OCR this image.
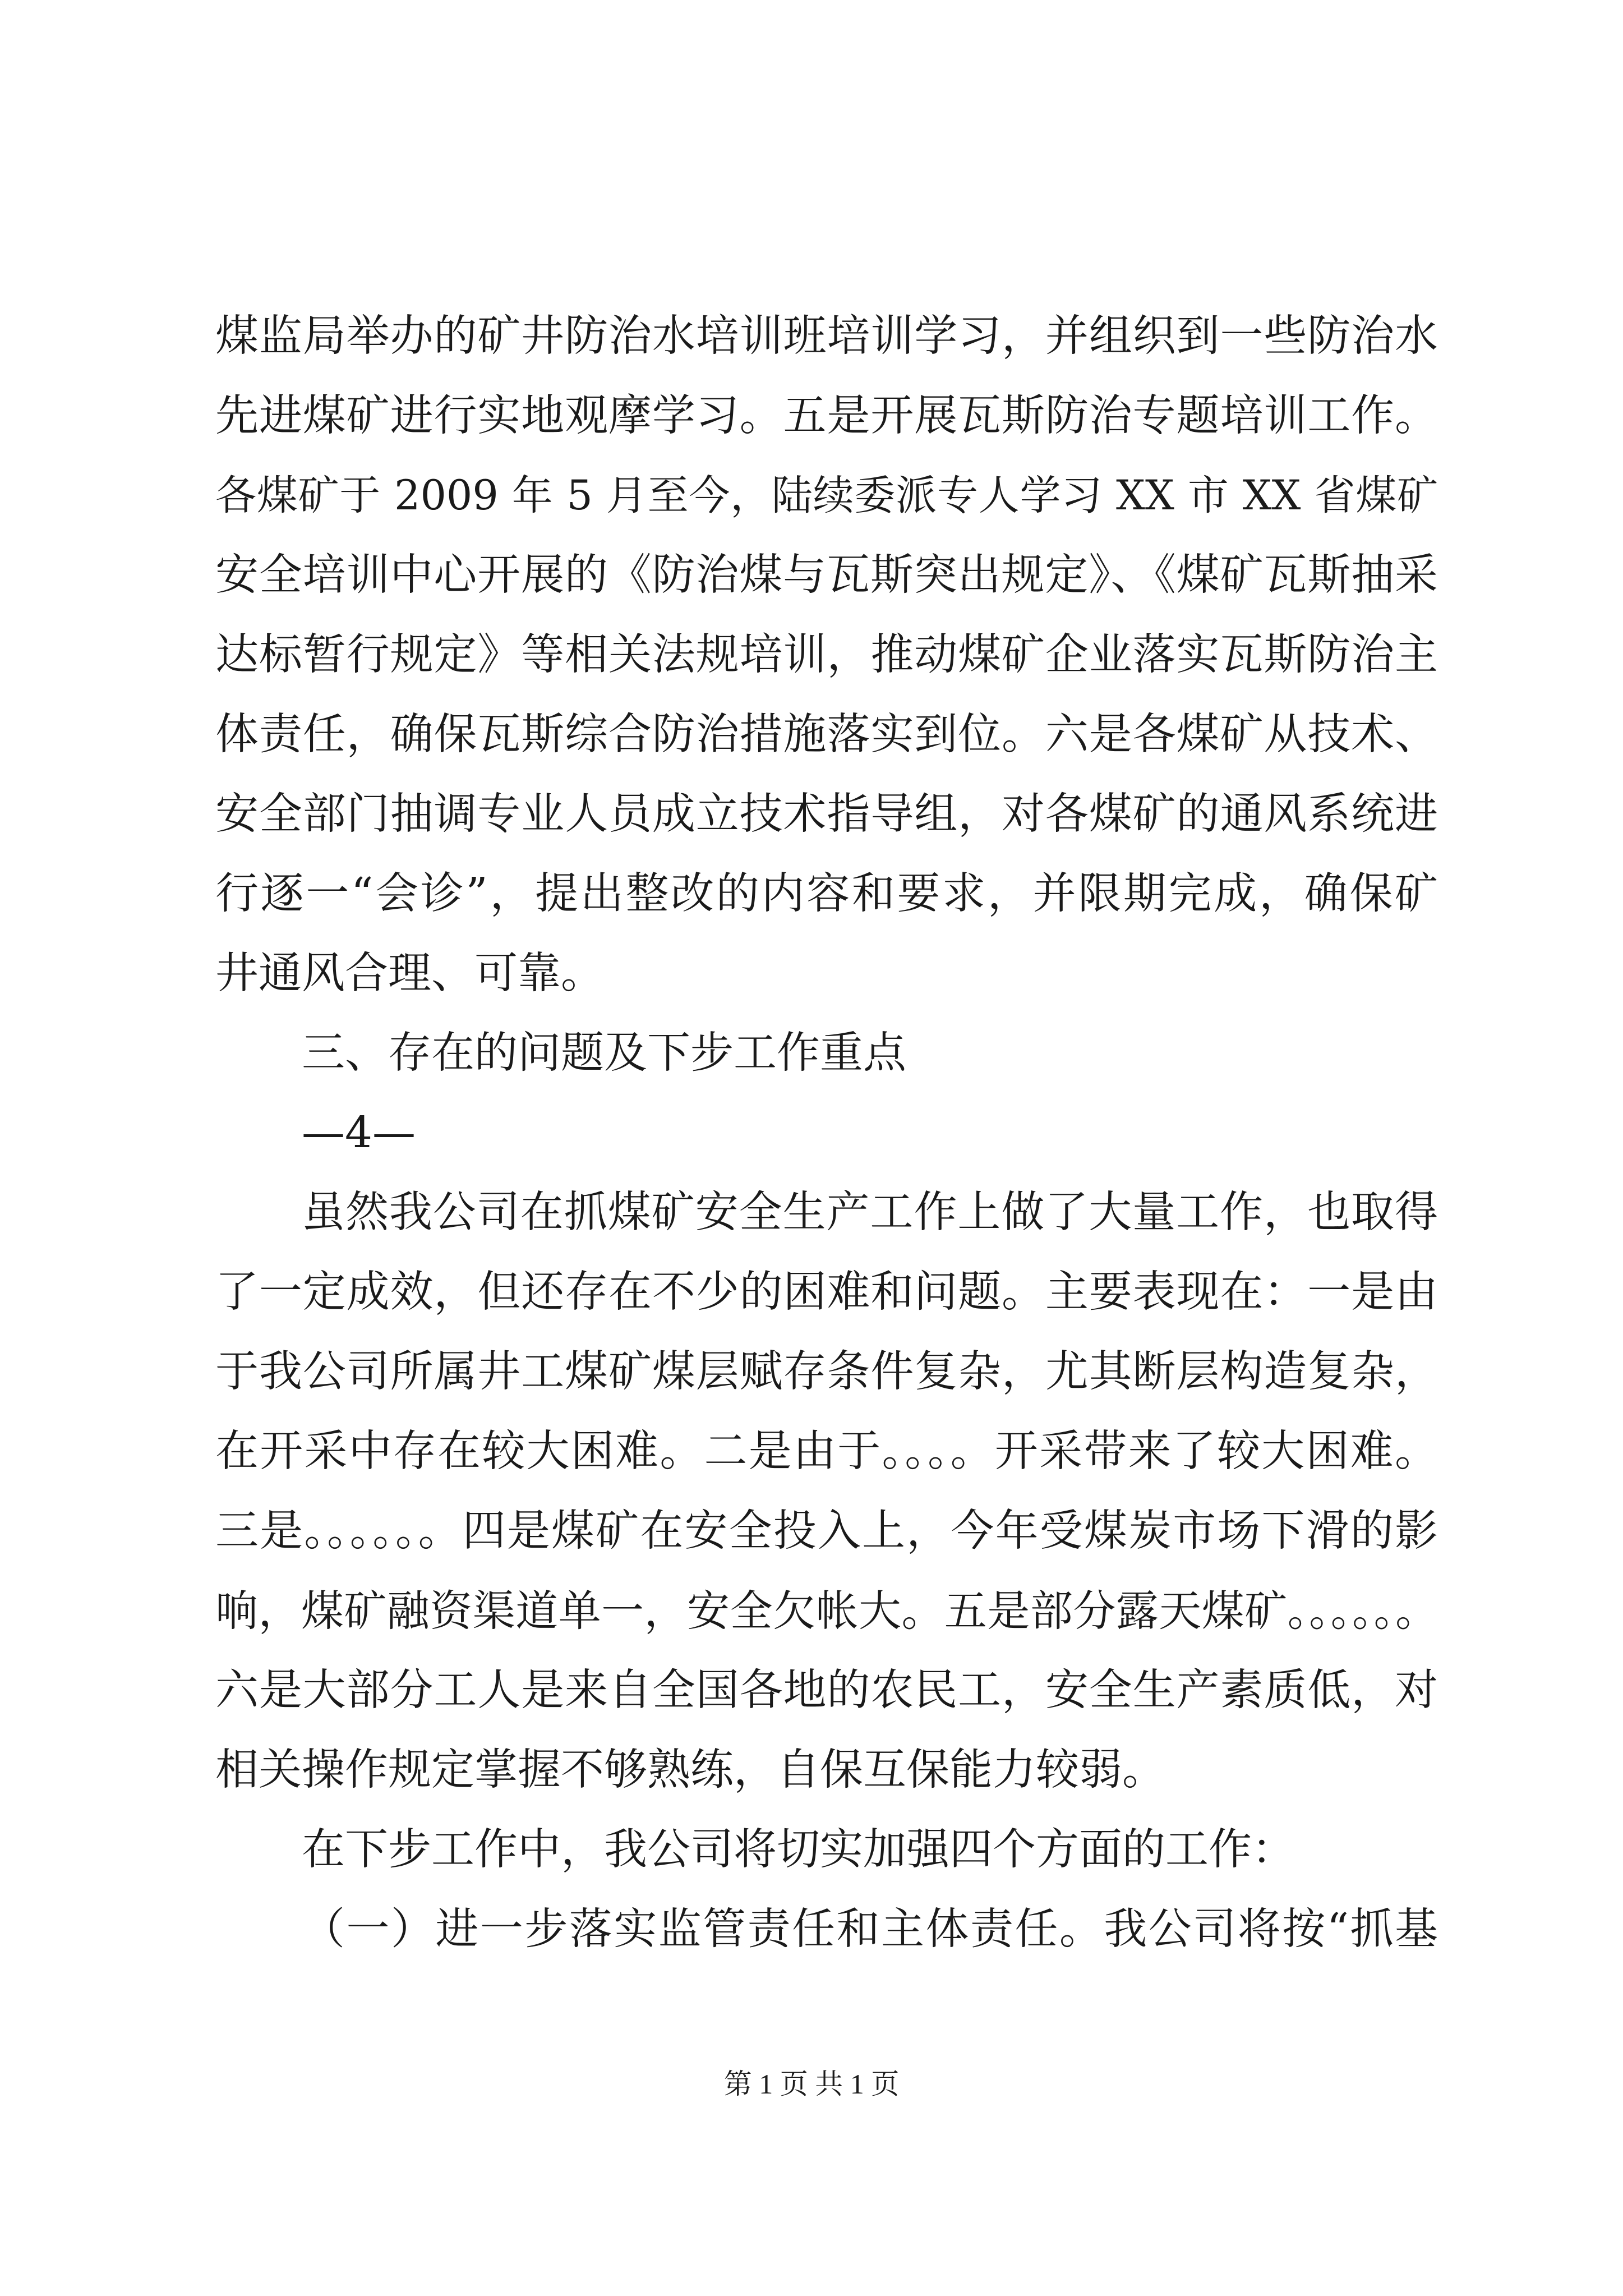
煤监局举办的矿井防治水培训班培训学习，并组织到一些防治水
先进煤矿进行实地观摩学习。五是开展瓦斯防治专题培训工作。
各煤矿于 2009 年 5 月至今，陆续委派专人学习 XX 市 XX 省煤矿
安全培训中心开展的《防治煤与瓦斯突出规定》、《煤矿瓦斯抽采
达标暂行规定》等相关法规培训，推动煤矿企业落实瓦斯防治主
体责任，确保瓦斯综合防治措施落实到位。六是各煤矿从技术、
安全部门抽调专业人员成立技术指导组，对各煤矿的通风系统进
行逐一“会诊”，提出整改的内容和要求，并限期完成，确保矿
井通风合理、可靠。
三、存在的问题及下步工作重点
—4—
虽然我公司在抓煤矿安全生产工作上做了大量工作，也取得
了一定成效，但还存在不少的困难和问题。主要表现在：一是由
于我公司所属井工煤矿煤层赋存条件复杂，尤其断层构造复杂，
在开采中存在较大困难。二是由于。。。。开采带来了较大困难。
三是。。。。。。四是煤矿在安全投入上，今年受煤炭市场下滑的影
响，煤矿融资渠道单一，安全欠帐大。五是部分露天煤矿。。。。。。
六是大部分工人是来自全国各地的农民工，安全生产素质低，对
相关操作规定掌握不够熟练，自保互保能力较弱。
在下步工作中，我公司将切实加强四个方面的工作：
（一）进一步落实监管责任和主体责任。我公司将按“抓基
第 1 页 共 1 页
